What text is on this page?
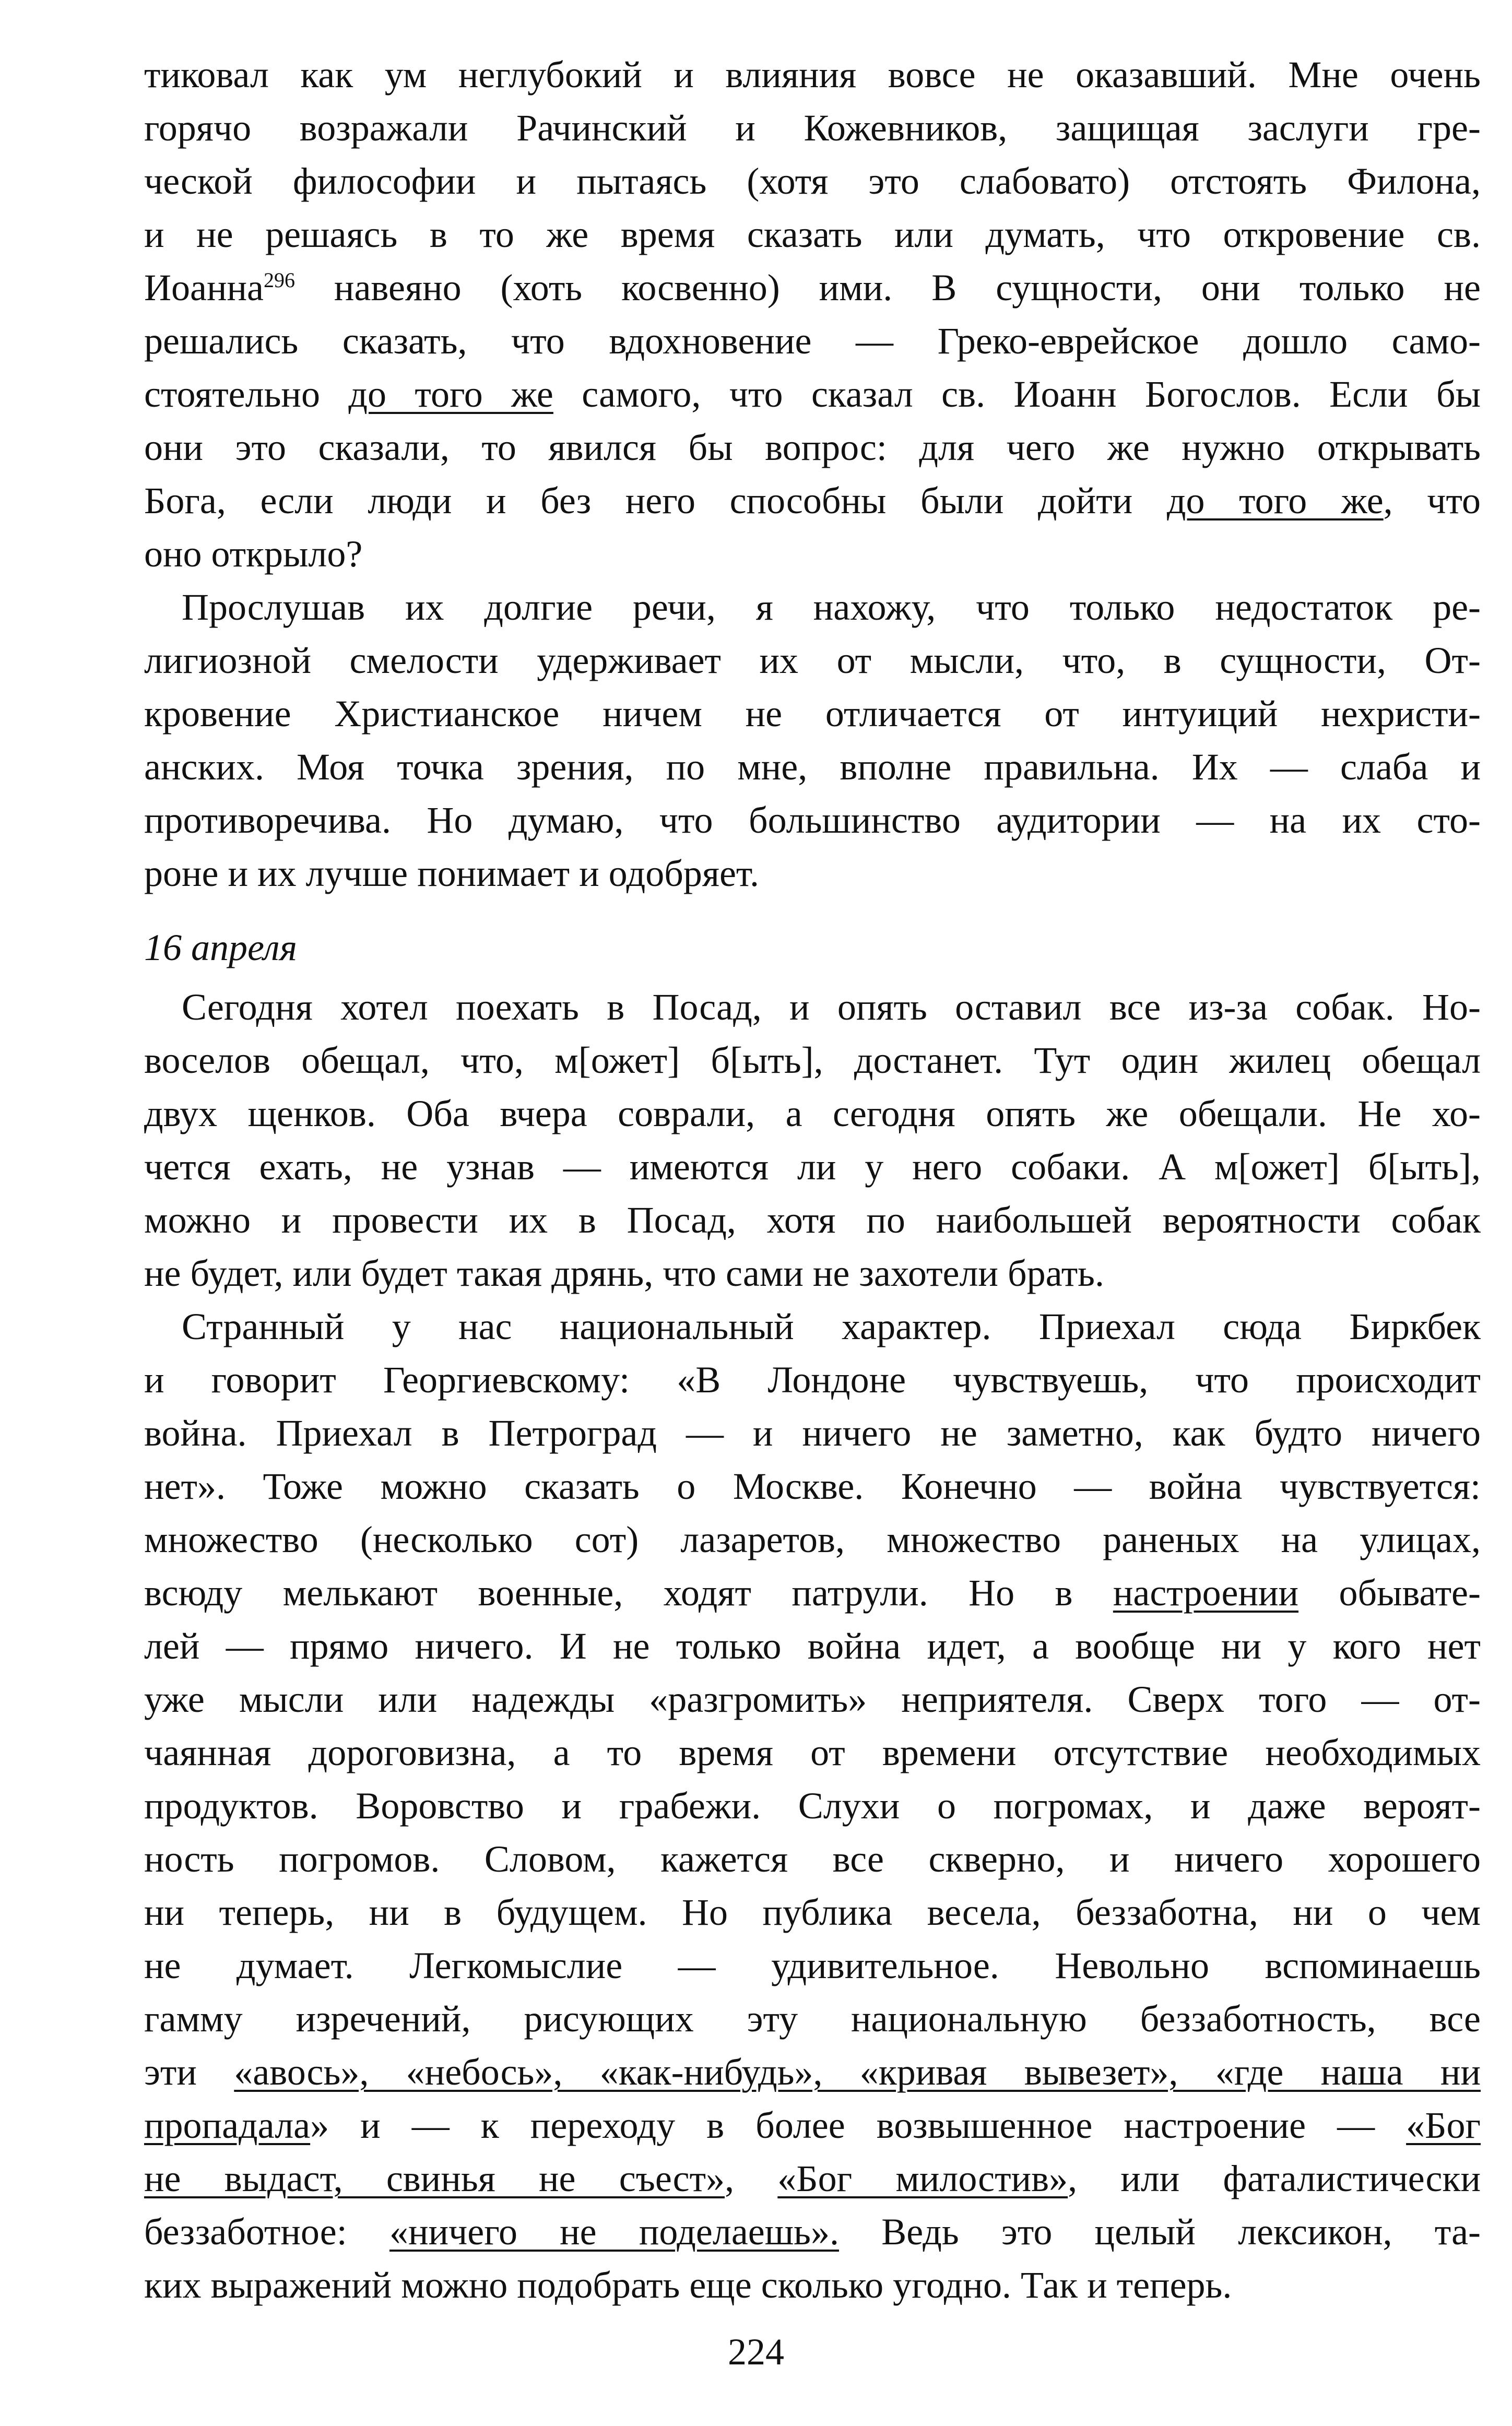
тиковал как ум неглубокий и влияния вовсе не оказавший. Мне очень
горячо возражали Рачинский и Кожевников, защищая заслуги гре-
ческой философии и пытаясь (хотя это слабовато) отстоять Филона,
и не решаясь в то же время сказать или думать, что откровение св.
Иоанна$^{296}$ навеяно (хоть косвенно) ими. В сущности, они только не
решались сказать, что вдохновение — Греко-еврейское дошло само-
стоятельно до того же самого, что сказал св. Иоанн Богослов. Если бы
они это сказали, то явился бы вопрос: для чего же нужно открывать
Бога, если люди и без него способны были дойти до того же, что
оно открыло?
Прослушав их долгие речи, я нахожу, что только недостаток ре-
лигиозной смелости удерживает их от мысли, что, в сущности, От-
кровение Христианское ничем не отличается от интуиций нехристи-
анских. Моя точка зрения, по мне, вполне правильна. Их — слаба и
противоречива. Но думаю, что большинство аудитории — на их сто-
роне и их лучше понимает и одобряет.
16 апреля
Сегодня хотел поехать в Посад, и опять оставил все из-за собак. Но-
воселов обещал, что, м[ожет] б[ыть], достанет. Тут один жилец обещал
двух щенков. Оба вчера соврали, а сегодня опять же обещали. Не хо-
чется ехать, не узнав — имеются ли у него собаки. А м[ожет] б[ыть],
можно и провести их в Посад, хотя по наибольшей вероятности собак
не будет, или будет такая дрянь, что сами не захотели брать.
Странный у нас национальный характер. Приехал сюда Биркбек
и говорит Георгиевскому: «В Лондоне чувствуешь, что происходит
война. Приехал в Петроград — и ничего не заметно, как будто ничего
нет». Тоже можно сказать о Москве. Конечно — война чувствуется:
множество (несколько сот) лазаретов, множество раненых на улицах,
всюду мелькают военные, ходят патрули. Но в настроении обывате-
лей — прямо ничего. И не только война идет, а вообще ни у кого нет
уже мысли или надежды «разгромить» неприятеля. Сверх того — от-
чаянная дороговизна, а то время от времени отсутствие необходимых
продуктов. Воровство и грабежи. Слухи о погромах, и даже вероят-
ность погромов. Словом, кажется все скверно, и ничего хорошего
ни теперь, ни в будущем. Но публика весела, беззаботна, ни о чем
не думает. Легкомыслие — удивительное. Невольно вспоминаешь
гамму изречений, рисующих эту национальную беззаботность, все
эти «авось», «небось», «как-нибудь», «кривая вывезет», «где наша ни
пропадала» и — к переходу в более возвышенное настроение — «Бог
не выдаст, свинья не съест», «Бог милостив», или фаталистически
беззаботное: «ничего не поделаешь». Ведь это целый лексикон, та-
ких выражений можно подобрать еще сколько угодно. Так и теперь.
224
